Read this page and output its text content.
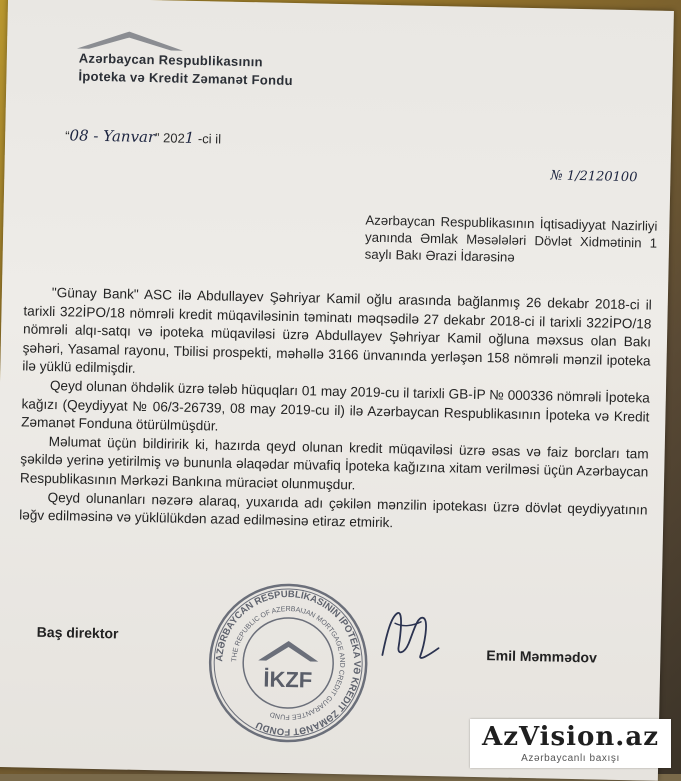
Azərbaycan Respublikasının
İpoteka və Kredit Zəmanət Fondu
“08 - Yanvar” 2021 -ci il
№ 1/2120100
Azərbaycan Respublikasının İqtisadiyyat Nazirliyi yanında Əmlak Məsələləri Dövlət Xidmətinin 1 saylı Bakı Ərazi İdarəsinə

"Günay Bank" ASC ilə Abdullayev Şəhriyar Kamil oğlu arasında bağlanmış 26 dekabr 2018-ci il tarixli 322İPO/18 nömrəli kredit müqaviləsinin təminatı məqsədilə 27 dekabr 2018-ci il tarixli 322İPO/18 nömrəli alqı-satqı və ipoteka müqaviləsi üzrə Abdullayev Şəhriyar Kamil oğluna məxsus olan Bakı şəhəri, Yasamal rayonu, Tbilisi prospekti, məhəllə 3166 ünvanında yerləşən 158 nömrəli mənzil ipoteka ilə yüklü edilmişdir.

Qeyd olunan öhdəlik üzrə tələb hüquqları 01 may 2019-cu il tarixli GB-İP № 000336 nömrəli İpoteka kağızı (Qeydiyyat № 06/3-26739, 08 may 2019-cu il) ilə Azərbaycan Respublikasının İpoteka və Kredit Zəmanət Fonduna ötürülmüşdür.

Məlumat üçün bildiririk ki, hazırda qeyd olunan kredit müqaviləsi üzrə əsas və faiz borcları tam şəkildə yerinə yetirilmiş və bununla əlaqədar müvafiq İpoteka kağızına xitam verilməsi üçün Azərbaycan Respublikasının Mərkəzi Bankına müraciət olunmuşdur.

Qeyd olunanları nəzərə alaraq, yuxarıda adı çəkilən mənzilin ipotekası üzrə dövlət qeydiyyatının ləğv edilməsinə və yüklülükdən azad edilməsinə etiraz etmirik.

Baş direktor
AZƏRBAYCAN RESPUBLİKASININ İPOTEKA VƏ KREDİT ZƏMANƏT FONDU
THE REPUBLIC OF AZERBAIJAN MORTGAGE AND CREDIT GUARANTEE FUND
İKZF
Emil Məmmədov
AzVision.az
Azərbaycanlı baxışı
